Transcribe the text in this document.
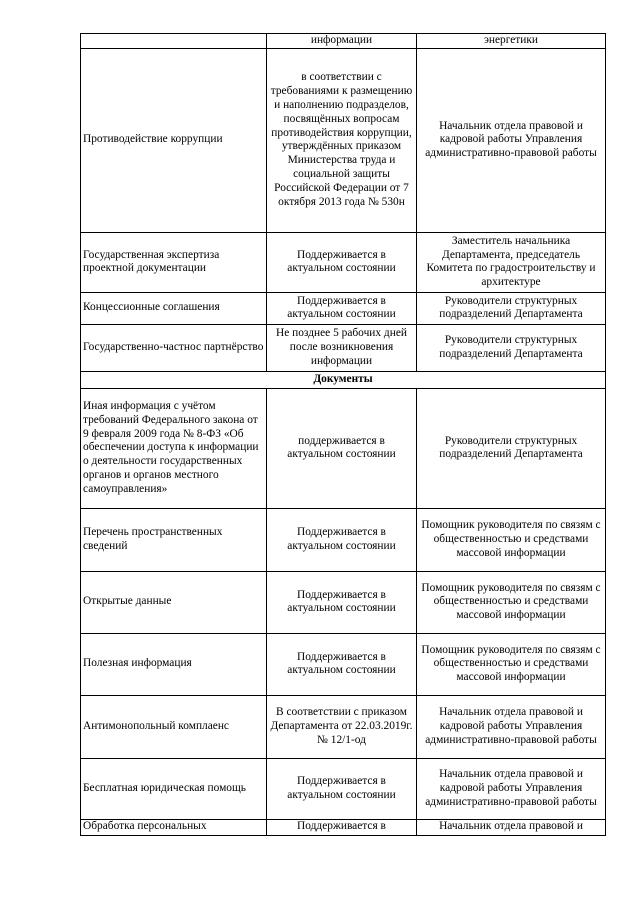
	информации	энергетики
Противодействие коррупции	в соответствии с требованиями к размещению и наполнению подразделов, посвящённых вопросам противодействия коррупции, утверждённых приказом Министерства труда и социальной защиты Российской Федерации от 7 октября 2013 года № 530н	Начальник отдела правовой и кадровой работы Управления административно-правовой работы
Государственная экспертиза проектной документации	Поддерживается в актуальном состоянии	Заместитель начальника Департамента, председатель Комитета по градостроительству и архитектуре
Концессионные соглашения	Поддерживается в актуальном состоянии	Руководители структурных подразделений Департамента
Государственно-частнос партнёрство	Не позднее 5 рабочих дней после возникновения информации	Руководители структурных подразделений Департамента
Документы		
Иная информация с учётом требований Федерального закона от 9 февраля 2009 года № 8-ФЗ «Об обеспечении доступа к информации о деятельности государственных органов и органов местного самоуправления»	поддерживается в актуальном состоянии	Руководители структурных подразделений Департамента
Перечень пространственных сведений	Поддерживается в актуальном состоянии	Помощник руководителя по связям с общественностью и средствами массовой информации
Открытые данные	Поддерживается в актуальном состоянии	Помощник руководителя по связям с общественностью и средствами массовой информации
Полезная информация	Поддерживается в актуальном состоянии	Помощник руководителя по связям с общественностью и средствами массовой информации
Антимонопольный комплаенс	В соответствии с приказом Департамента от 22.03.2019г. № 12/1-од	Начальник отдела правовой и кадровой работы Управления административно-правовой работы
Бесплатная юридическая помощь	Поддерживается в актуальном состоянии	Начальник отдела правовой и кадровой работы Управления административно-правовой работы
Обработка персональных	Поддерживается в	Начальник отдела правовой и
